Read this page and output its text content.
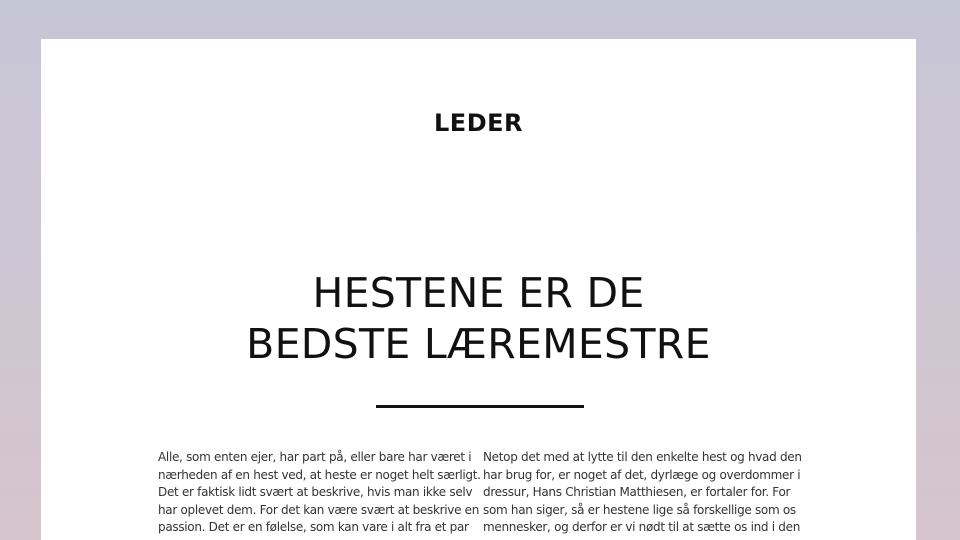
LEDER
HESTENE ER DE
BEDSTE LÆREMESTRE
Alle, som enten ejer, har part på, eller bare har været i
nærheden af en hest ved, at heste er noget helt særligt.
Det er faktisk lidt svært at beskrive, hvis man ikke selv
har oplevet dem. For det kan være svært at beskrive en
passion. Det er en følelse, som kan vare i alt fra et par
Netop det med at lytte til den enkelte hest og hvad den
har brug for, er noget af det, dyrlæge og overdommer i
dressur, Hans Christian Matthiesen, er fortaler for. For
som han siger, så er hestene lige så forskellige som os
mennesker, og derfor er vi nødt til at sætte os ind i den
